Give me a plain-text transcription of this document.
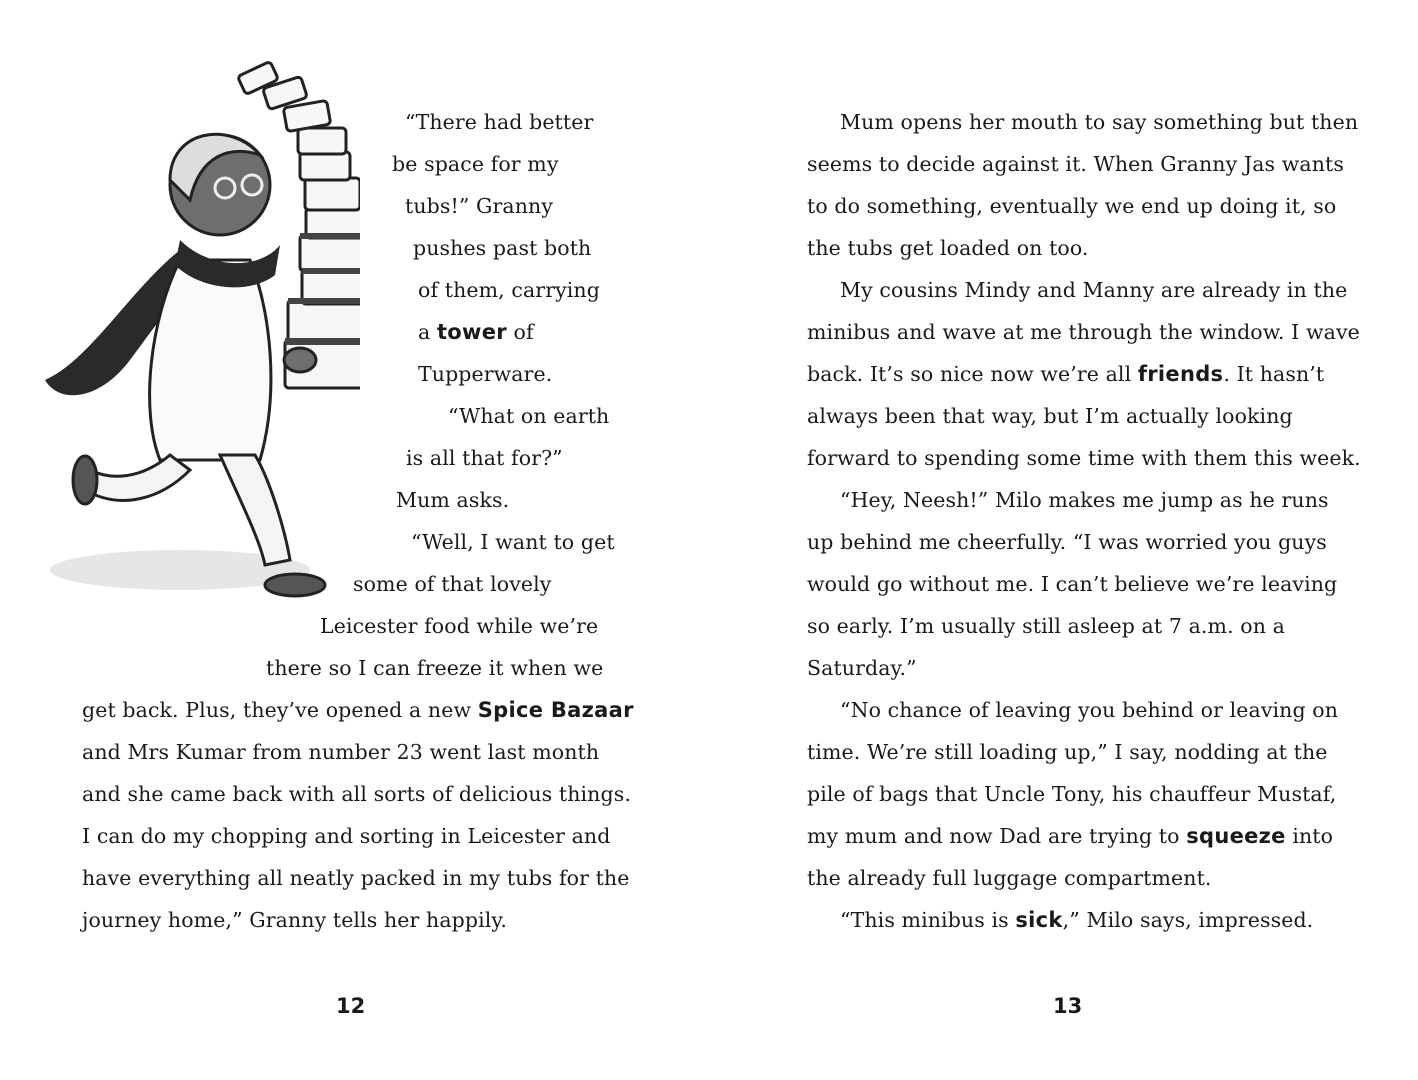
“There had better
be space for my
tubs!” Granny
pushes past both
of them, carrying
a tower of
Tupperware.
“What on earth
is all that for?”
Mum asks.
“Well, I want to get
some of that lovely
Leicester food while we’re
there so I can freeze it when we
get back. Plus, they’ve opened a new Spice Bazaar
and Mrs Kumar from number 23 went last month
and she came back with all sorts of delicious things.
I can do my chopping and sorting in Leicester and
have everything all neatly packed in my tubs for the
journey home,” Granny tells her happily.
12
Mum opens her mouth to say something but then
seems to decide against it. When Granny Jas wants
to do something, eventually we end up doing it, so
the tubs get loaded on too.
My cousins Mindy and Manny are already in the
minibus and wave at me through the window. I wave
back. It’s so nice now we’re all friends. It hasn’t
always been that way, but I’m actually looking
forward to spending some time with them this week.
“Hey, Neesh!” Milo makes me jump as he runs
up behind me cheerfully. “I was worried you guys
would go without me. I can’t believe we’re leaving
so early. I’m usually still asleep at 7 a.m. on a
Saturday.”
“No chance of leaving you behind or leaving on
time. We’re still loading up,” I say, nodding at the
pile of bags that Uncle Tony, his chauffeur Mustaf,
my mum and now Dad are trying to squeeze into
the already full luggage compartment.
“This minibus is sick,” Milo says, impressed.
13
